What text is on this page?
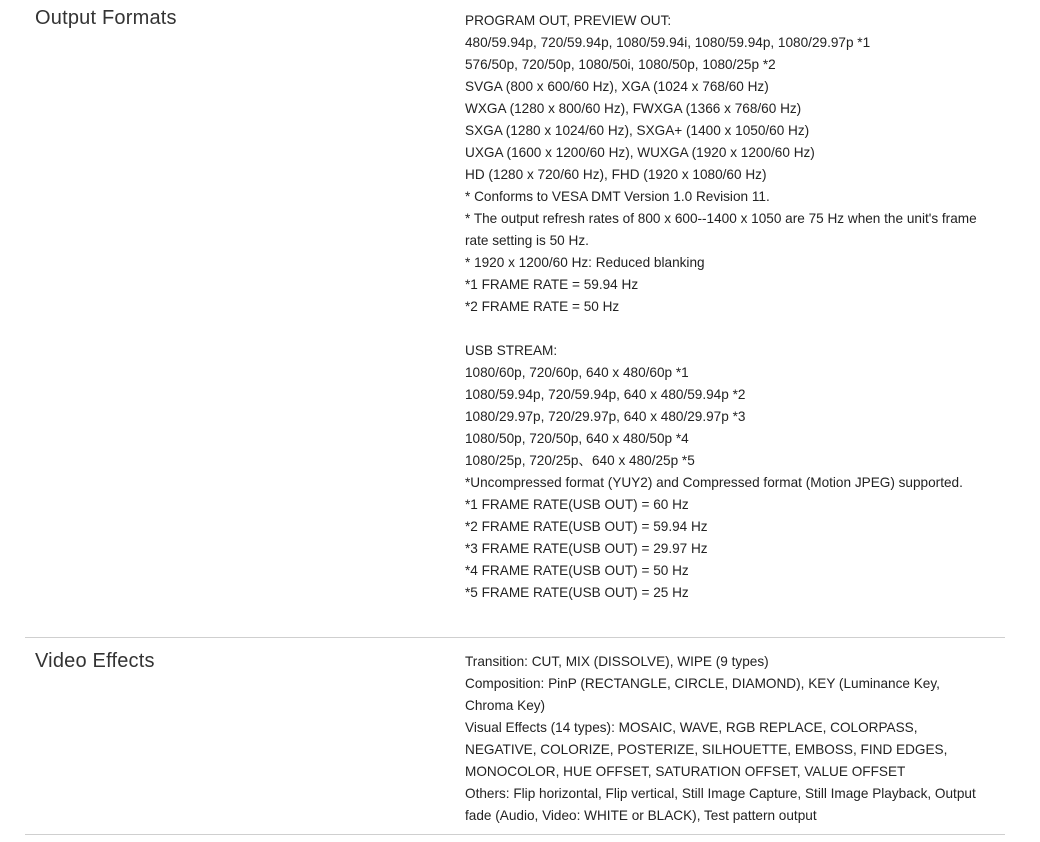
Output Formats	PROGRAM OUT, PREVIEW OUT:
480/59.94p, 720/59.94p, 1080/59.94i, 1080/59.94p, 1080/29.97p *1
576/50p, 720/50p, 1080/50i, 1080/50p, 1080/25p *2
SVGA (800 x 600/60 Hz), XGA (1024 x 768/60 Hz)
WXGA (1280 x 800/60 Hz), FWXGA (1366 x 768/60 Hz)
SXGA (1280 x 1024/60 Hz), SXGA+ (1400 x 1050/60 Hz)
UXGA (1600 x 1200/60 Hz), WUXGA (1920 x 1200/60 Hz)
HD (1280 x 720/60 Hz), FHD (1920 x 1080/60 Hz)
* Conforms to VESA DMT Version 1.0 Revision 11.
* The output refresh rates of 800 x 600--1400 x 1050 are 75 Hz when the unit's frame rate setting is 50 Hz.
* 1920 x 1200/60 Hz: Reduced blanking
*1 FRAME RATE = 59.94 Hz
*2 FRAME RATE = 50 Hz
USB STREAM:
1080/60p, 720/60p, 640 x 480/60p *1
1080/59.94p, 720/59.94p, 640 x 480/59.94p *2
1080/29.97p, 720/29.97p, 640 x 480/29.97p *3
1080/50p, 720/50p, 640 x 480/50p *4
1080/25p, 720/25p、640 x 480/25p *5
*Uncompressed format (YUY2) and Compressed format (Motion JPEG) supported.
*1 FRAME RATE(USB OUT) = 60 Hz
*2 FRAME RATE(USB OUT) = 59.94 Hz
*3 FRAME RATE(USB OUT) = 29.97 Hz
*4 FRAME RATE(USB OUT) = 50 Hz
*5 FRAME RATE(USB OUT) = 25 Hz
Video Effects	Transition: CUT, MIX (DISSOLVE), WIPE (9 types)
Composition: PinP (RECTANGLE, CIRCLE, DIAMOND), KEY (Luminance Key, Chroma Key)
Visual Effects (14 types): MOSAIC, WAVE, RGB REPLACE, COLORPASS, NEGATIVE, COLORIZE, POSTERIZE, SILHOUETTE, EMBOSS, FIND EDGES, MONOCOLOR, HUE OFFSET, SATURATION OFFSET, VALUE OFFSET
Others: Flip horizontal, Flip vertical, Still Image Capture, Still Image Playback, Output fade (Audio, Video: WHITE or BLACK), Test pattern output
